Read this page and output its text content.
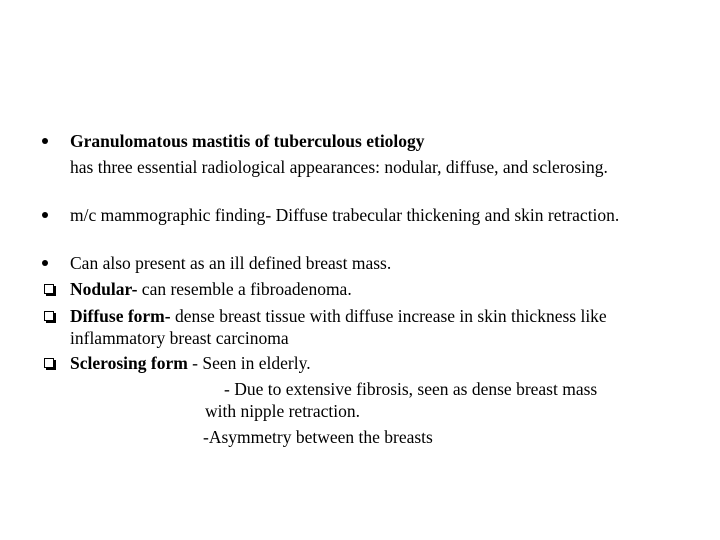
Granulomatous mastitis of tuberculous etiology
has three essential radiological appearances: nodular, diffuse, and sclerosing.
m/c mammographic finding- Diffuse trabecular thickening and skin retraction.
Can also present as an ill defined breast mass.
Nodular- can resemble a fibroadenoma.
Diffuse form- dense breast tissue with diffuse increase in skin thickness like inflammatory breast carcinoma
Sclerosing form - Seen in elderly.
- Due to extensive fibrosis, seen as dense breast mass
with nipple retraction.
-Asymmetry between the breasts
